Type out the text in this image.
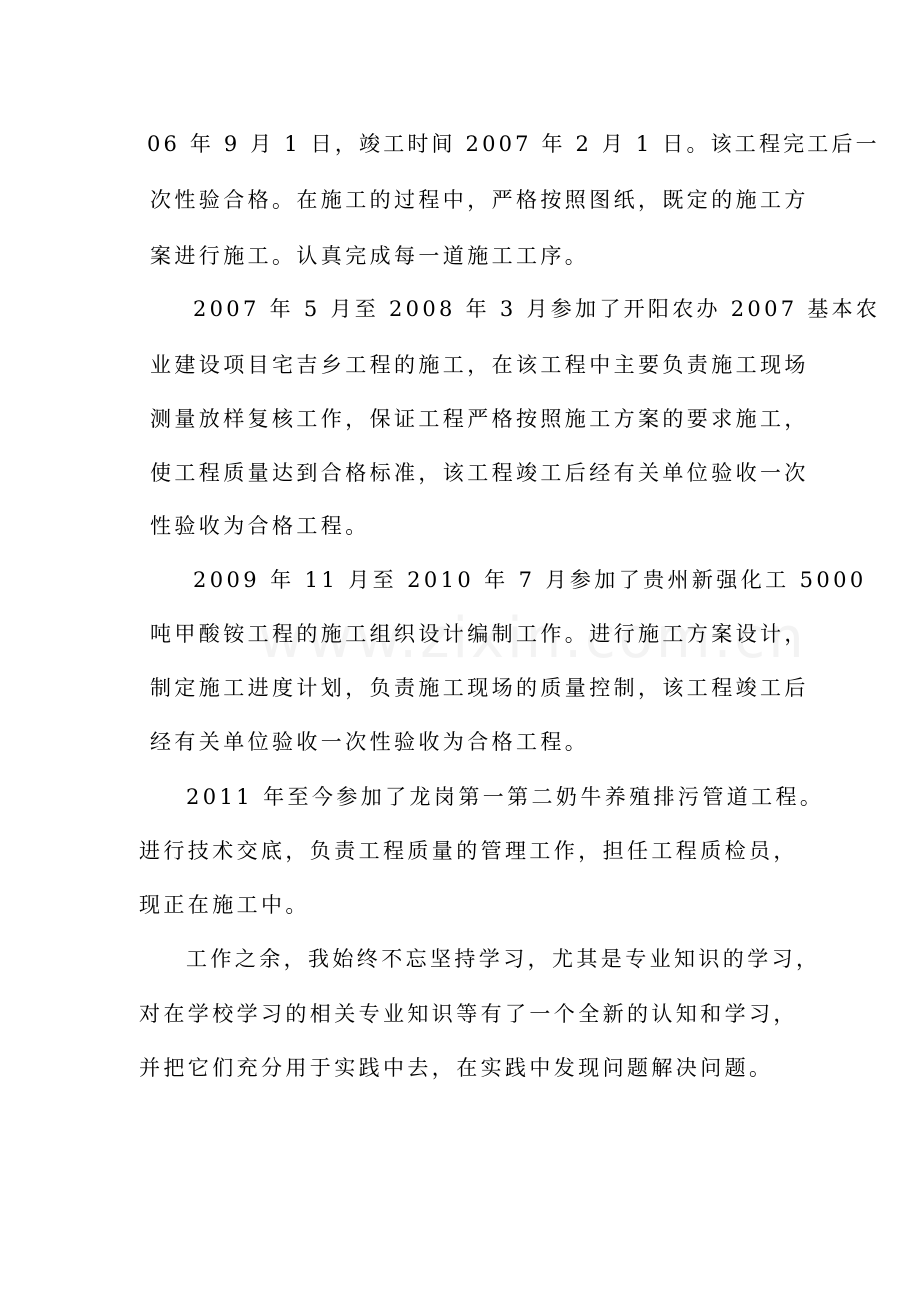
06 年 9 月 1 日，竣工时间 2007 年 2 月 1 日。该工程完工后一
次性验合格。在施工的过程中，严格按照图纸，既定的施工方
案进行施工。认真完成每一道施工工序。
2007 年 5 月至 2008 年 3 月参加了开阳农办 2007 基本农
业建设项目宅吉乡工程的施工，在该工程中主要负责施工现场
测量放样复核工作，保证工程严格按照施工方案的要求施工，
使工程质量达到合格标准，该工程竣工后经有关单位验收一次
性验收为合格工程。
2009 年 11 月至 2010 年 7 月参加了贵州新强化工 5000
吨甲酸铵工程的施工组织设计编制工作。进行施工方案设计，
制定施工进度计划，负责施工现场的质量控制，该工程竣工后
经有关单位验收一次性验收为合格工程。
2011 年至今参加了龙岗第一第二奶牛养殖排污管道工程。
进行技术交底，负责工程质量的管理工作，担任工程质检员，
现正在施工中。
工作之余，我始终不忘坚持学习，尤其是专业知识的学习，
对在学校学习的相关专业知识等有了一个全新的认知和学习，
并把它们充分用于实践中去，在实践中发现问题解决问题。
